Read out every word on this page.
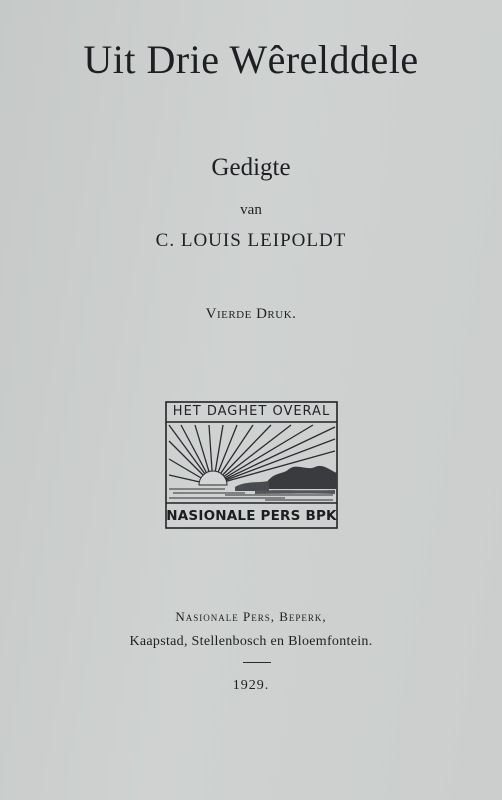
Uit Drie Wêrelddele
Gedigte
van
C. LOUIS LEIPOLDT
Vierde Druk.
HET DAGHET OVERAL
NASIONALE PERS BPK
Nasionale Pers, Beperk,
Kaapstad, Stellenbosch en Bloemfontein.
1929.
